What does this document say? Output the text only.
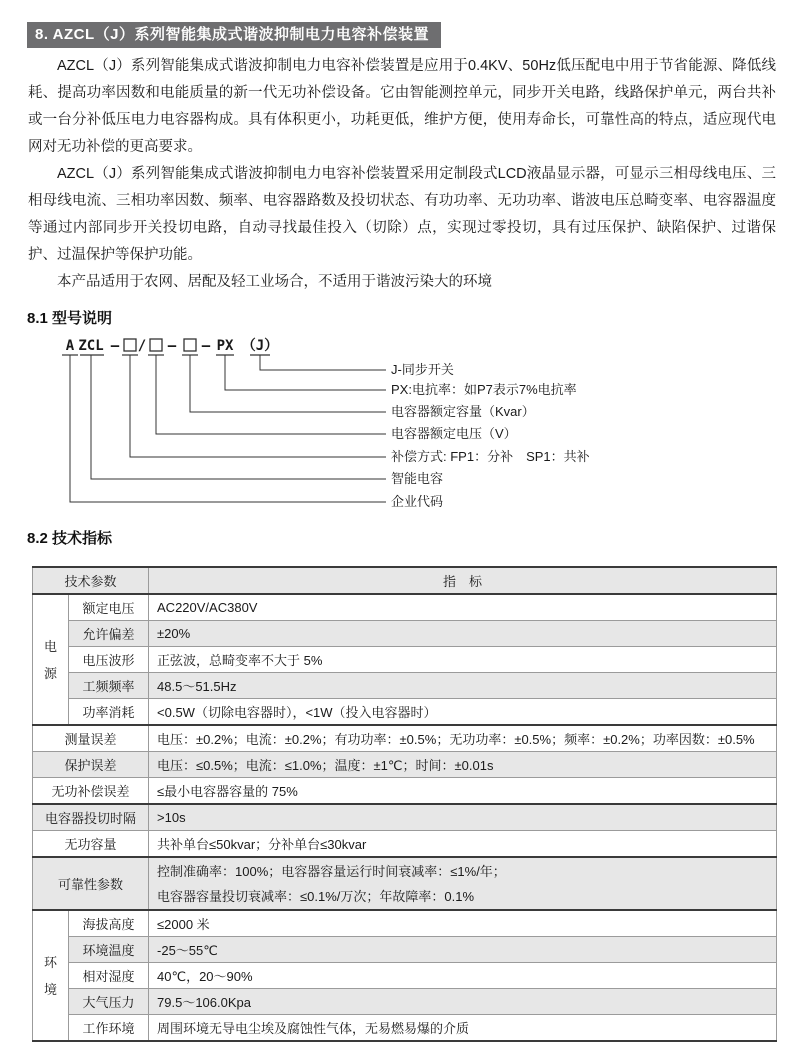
8. AZCL（J）系列智能集成式谐波抑制电力电容补偿装置

AZCL（J）系列智能集成式谐波抑制电力电容补偿装置是应用于0.4KV、50Hz低压配电中用于节省能源、降低线耗、提高功率因数和电能质量的新一代无功补偿设备。它由智能测控单元，同步开关电路，线路保护单元，两台共补或一台分补低压电力电容器构成。具有体积更小，功耗更低，维护方便，使用寿命长，可靠性高的特点，适应现代电网对无功补偿的更高要求。

AZCL（J）系列智能集成式谐波抑制电力电容补偿装置采用定制段式LCD液晶显示器，可显示三相母线电压、三相母线电流、三相功率因数、频率、电容器路数及投切状态、有功功率、无功功率、谐波电压总畸变率、电容器温度等通过内部同步开关投切电路，自动寻找最佳投入（切除）点，实现过零投切，具有过压保护、缺陷保护、过谐保护、过温保护等保护功能。

本产品适用于农网、居配及轻工业场合，不适用于谐波污染大的环境

8.1 型号说明
A ZCL — / — — PX （J）
J-同步开关
PX:电抗率：如P7表示7%电抗率
电容器额定容量（Kvar）
电容器额定电压（V）
补偿方式: FP1：分补　SP1：共补
智能电容
企业代码
8.2 技术指标
技术参数		指　标

电源	额定电压	AC220V/AC380V
	允许偏差	±20%
	电压波形	正弦波，总畸变率不大于 5%
	工频频率	48.5～51.5Hz
	功率消耗	<0.5W（切除电容器时），<1W（投入电容器时）
测量误差		电压：±0.2%；电流：±0.2%；有功功率：±0.5%；无功功率：±0.5%；频率：±0.2%；功率因数：±0.5%
保护误差		电压：≤0.5%；电流：≤1.0%；温度：±1℃；时间：±0.01s
无功补偿误差		≤最小电容器容量的 75%
电容器投切时隔		>10s
无功容量		共补单台≤50kvar；分补单台≤30kvar
可靠性参数		控制准确率：100%；电容器容量运行时间衰减率：≤1%/年；
电容器容量投切衰减率：≤0.1%/万次；年故障率：0.1%

环境	海拔高度	≤2000 米
	环境温度	-25～55℃
	相对湿度	40℃，20～90%
	大气压力	79.5～106.0Kpa
	工作环境	周围环境无导电尘埃及腐蚀性气体，无易燃易爆的介质
